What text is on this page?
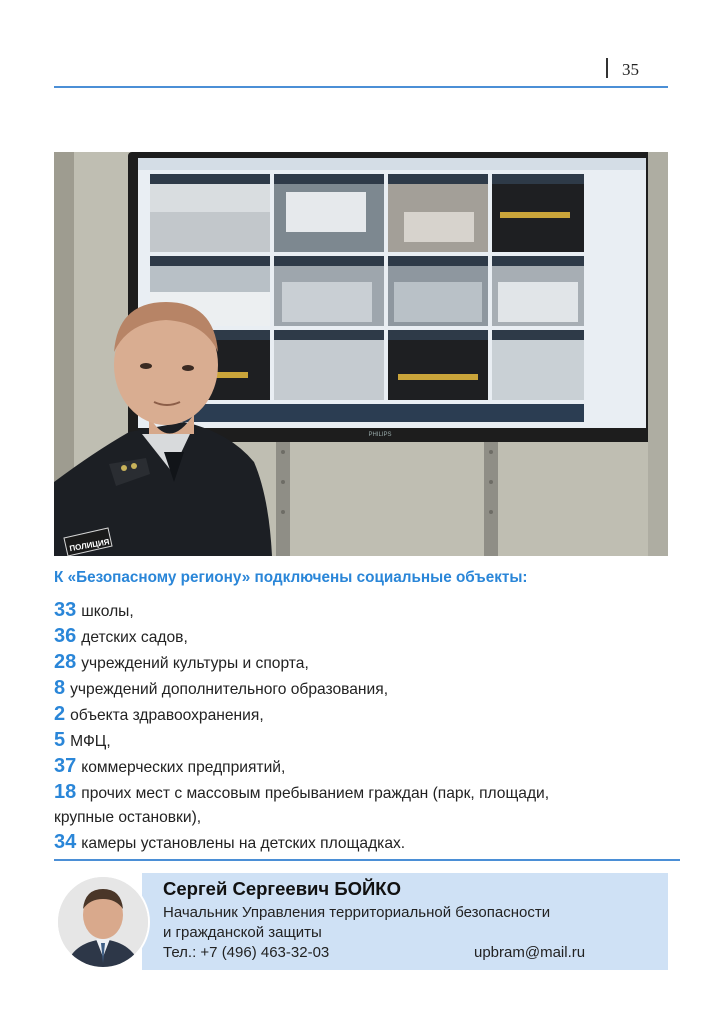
35
PHILIPS
ПОЛИЦИЯ
К «Безопасному региону» подключены социальные объекты:
33 школы,
36 детских садов,
28 учреждений культуры и спорта,
8 учреждений дополнительного образования,
2 объекта здравоохранения,
5 МФЦ,
37 коммерческих предприятий,
18 прочих мест с массовым пребыванием граждан (парк, площади,
крупные остановки),
34 камеры установлены на детских площадках.
Сергей Сергеевич БОЙКО
Начальник Управления территориальной безопасности
и гражданской защиты
Тел.: +7 (496) 463-32-03	upbram@mail.ru
